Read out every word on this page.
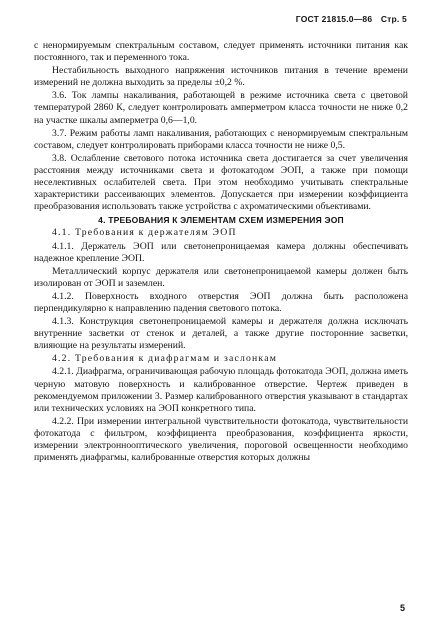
ГОСТ 21815.0—86 Стр. 5

с ненормируемым спектральным составом, следует применять источники питания как постоянного, так и переменного тока.

Нестабильность выходного напряжения источников питания в течение времени измерений не должна выходить за пределы ±0,2 %.

3.6. Ток лампы накаливания, работающей в режиме источника света с цветовой температурой 2860 К, следует контролировать амперметром класса точности не ниже 0,2 на участке шкалы амперметра 0,6—1,0.

3.7. Режим работы ламп накаливания, работающих с ненормируемым спектральным составом, следует контролировать приборами класса точности не ниже 0,5.

3.8. Ослабление светового потока источника света достигается за счет увеличения расстояния между источниками света и фотокатодом ЭОП, а также при помощи неселективных ослабителей света. При этом необходимо учитывать спектральные характеристики рассеивающих элементов. Допускается при измерении коэффициента преобразования использовать также устройства с ахроматическими объективами.

4. ТРЕБОВАНИЯ К ЭЛЕМЕНТАМ СХЕМ ИЗМЕРЕНИЯ ЭОП

4.1. Требования к держателям ЭОП

4.1.1. Держатель ЭОП или светонепроницаемая камера должны обеспечивать надежное крепление ЭОП.

Металлический корпус держателя или светонепроницаемой камеры должен быть изолирован от ЭОП и заземлен.

4.1.2. Поверхность входного отверстия ЭОП должна быть расположена перпендикулярно к направлению падения светового потока.

4.1.3. Конструкция светонепроницаемой камеры и держателя должна исключать внутренние засветки от стенок и деталей, а также другие посторонние засветки, влияющие на результаты измерений.

4.2. Требования к диафрагмам и заслонкам

4.2.1. Диафрагма, ограничивающая рабочую площадь фотокатода ЭОП, должна иметь черную матовую поверхность и калиброванное отверстие. Чертеж приведен в рекомендуемом приложении 3. Размер калиброванного отверстия указывают в стандартах или технических условиях на ЭОП конкретного типа.

4.2.2. При измерении интегральной чувствительности фотокатода, чувствительности фотокатода с фильтром, коэффициента преобразования, коэффициента яркости, измерении электроннооптического увеличения, пороговой освещенности необходимо применять диафрагмы, калиброванные отверстия которых должны

5
